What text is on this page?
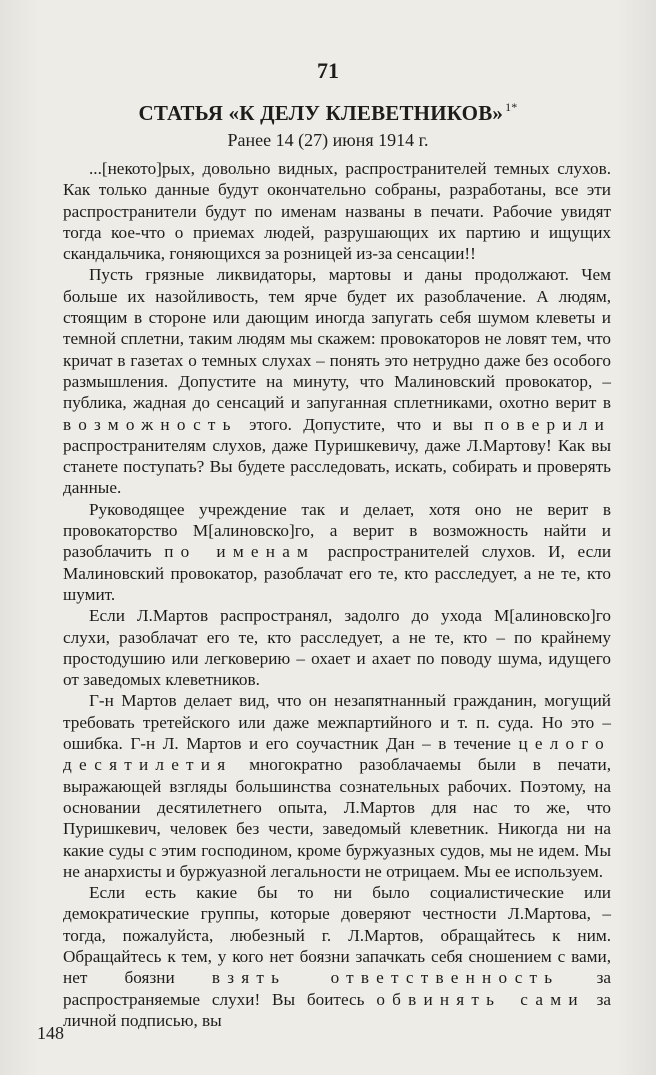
71
СТАТЬЯ «К ДЕЛУ КЛЕВЕТНИКОВ» $^{1*}$
Ранее 14 (27) июня 1914 г.

...[некото]рых, довольно видных, распространителей темных слухов. Как только данные будут окончательно собраны, разработаны, все эти распространители будут по именам названы в печати. Рабочие увидят тогда кое-что о приемах людей, разрушающих их партию и ищущих скандальчика, гоняющихся за розницей из-за сенсации!!

Пусть грязные ликвидаторы, мартовы и даны продолжают. Чем больше их назойливость, тем ярче будет их разоблачение. А людям, стоящим в стороне или дающим иногда запугать себя шумом клеветы и темной сплетни, таким людям мы скажем: провокаторов не ловят тем, что кричат в газетах о темных слухах – понять это нетрудно даже без особого размышления. Допустите на минуту, что Малиновский провокатор, – публика, жадная до сенсаций и запуганная сплетниками, охотно верит в возможность этого. Допустите, что и вы поверили распространителям слухов, даже Пуришкевичу, даже Л.Мартову! Как вы станете поступать? Вы будете расследовать, искать, собирать и проверять данные.

Руководящее учреждение так и делает, хотя оно не верит в провокаторство М[алиновско]го, а верит в возможность найти и разоблачить по именам распространителей слухов. И, если Малиновский провокатор, разоблачат его те, кто расследует, а не те, кто шумит.

Если Л.Мартов распространял, задолго до ухода М[алиновско]го слухи, разоблачат его те, кто расследует, а не те, кто – по крайнему простодушию или легковерию – охает и ахает по поводу шума, идущего от заведомых клеветников.

Г-н Мартов делает вид, что он незапятнанный гражданин, могущий требовать третейского или даже межпартийного и т. п. суда. Но это – ошибка. Г-н Л. Мартов и его соучастник Дан – в течение целого десятилетия многократно разоблачаемы были в печати, выражающей взгляды большинства сознательных рабочих. Поэтому, на основании десятилетнего опыта, Л.Мартов для нас то же, что Пуришкевич, человек без чести, заведомый клеветник. Никогда ни на какие суды с этим господином, кроме буржуазных судов, мы не идем. Мы не анархисты и буржуазной легальности не отрицаем. Мы ее используем.

Если есть какие бы то ни было социалистические или демократические группы, которые доверяют честности Л.Мартова, – тогда, пожалуйста, любезный г. Л.Мартов, обращайтесь к ним. Обращайтесь к тем, у кого нет боязни запачкать себя сношением с вами, нет боязни взять ответственность за распространяемые слухи! Вы боитесь обвинять сами за личной подписью, вы

148
